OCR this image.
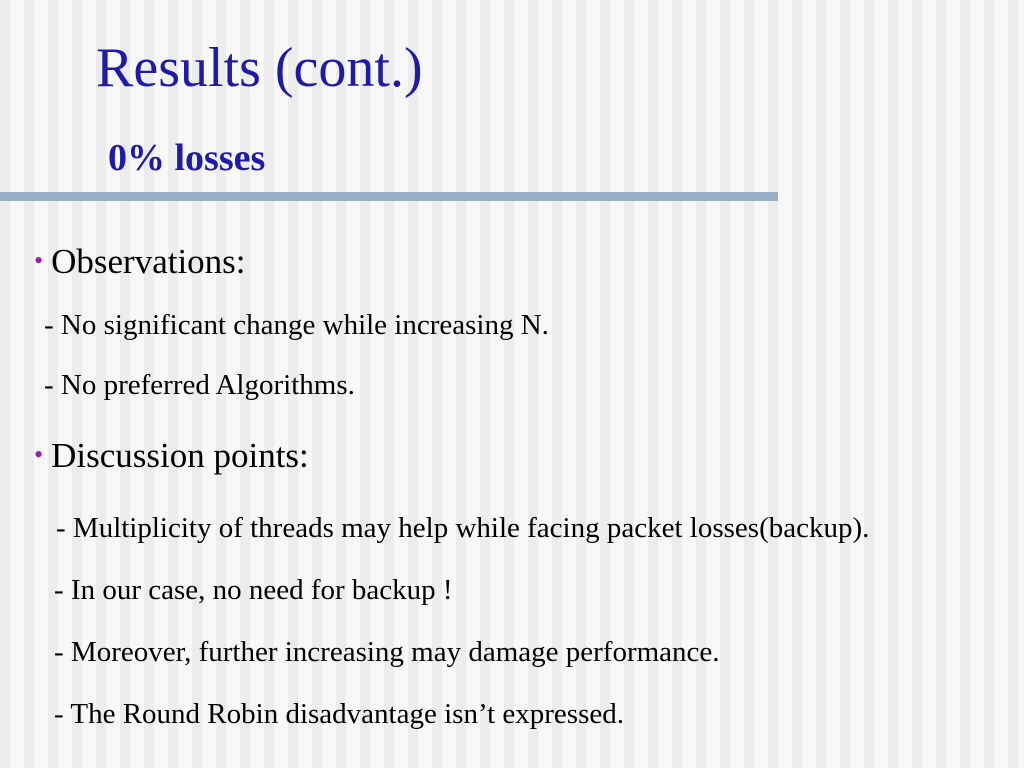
Results (cont.)
0% losses
• Observations:
- No significant change while increasing N.
- No preferred Algorithms.
• Discussion points:
- Multiplicity of threads may help while facing packet losses(backup).
- In our case, no need for backup !
- Moreover, further increasing may damage performance.
- The Round Robin disadvantage isn’t expressed.
